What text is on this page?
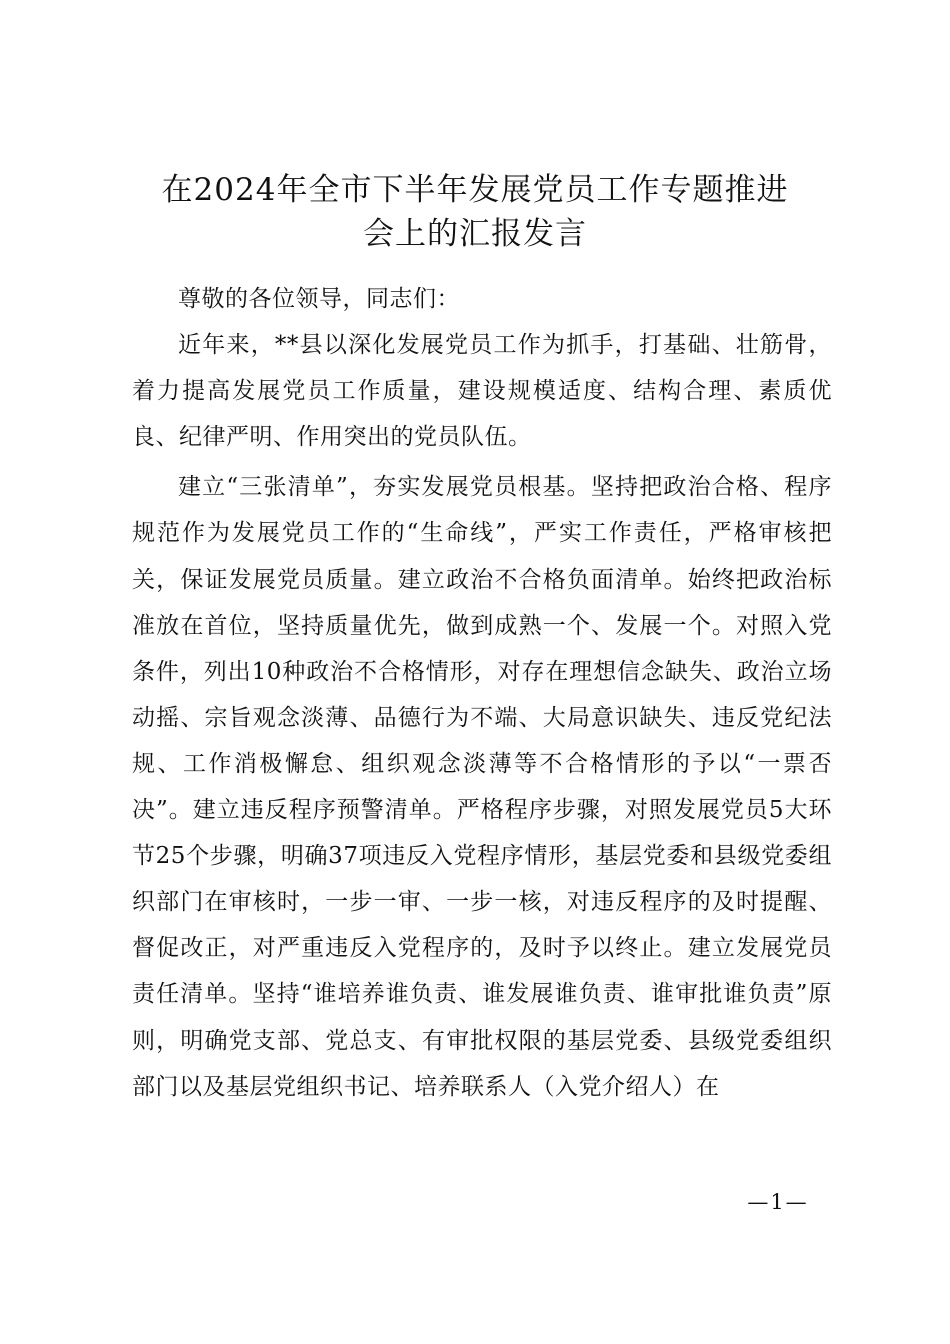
在2024年全市下半年发展党员工作专题推进
会上的汇报发言

尊敬的各位领导，同志们：

近年来，**县以深化发展党员工作为抓手，打基础、壮筋骨，着力提高发展党员工作质量，建设规模适度、结构合理、素质优良、纪律严明、作用突出的党员队伍。

建立“三张清单”，夯实发展党员根基。坚持把政治合格、程序规范作为发展党员工作的“生命线”，严实工作责任，严格审核把关，保证发展党员质量。建立政治不合格负面清单。始终把政治标准放在首位，坚持质量优先，做到成熟一个、发展一个。对照入党条件，列出10种政治不合格情形，对存在理想信念缺失、政治立场动摇、宗旨观念淡薄、品德行为不端、大局意识缺失、违反党纪法规、工作消极懈怠、组织观念淡薄等不合格情形的予以“一票否决”。建立违反程序预警清单。严格程序步骤，对照发展党员5大环节25个步骤，明确37项违反入党程序情形，基层党委和县级党委组织部门在审核时，一步一审、一步一核，对违反程序的及时提醒、督促改正，对严重违反入党程序的，及时予以终止。建立发展党员责任清单。坚持“谁培养谁负责、谁发展谁负责、谁审批谁负责”原则，明确党支部、党总支、有审批权限的基层党委、县级党委组织部门以及基层党组织书记、培养联系人（入党介绍人）在

—1—
